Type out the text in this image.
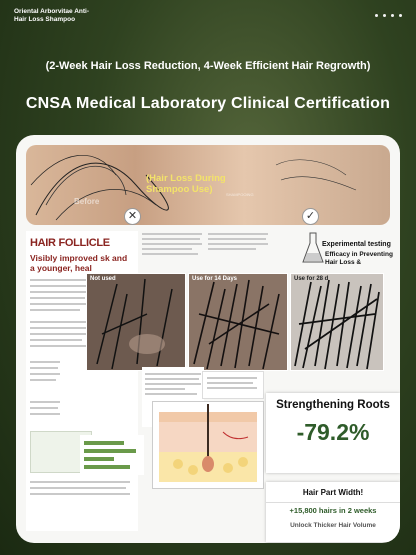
Oriental Arborvitae Anti-
Hair Loss Shampoo
(2-Week Hair Loss Reduction, 4-Week Efficient Hair Regrowth)
CNSA Medical Laboratory Clinical Certification
(Hair Loss During Shampoo Use)
Before
SHAMPOOING
✕	✓
HAIR FOLLICLE
Visibly improved sk and a younger, heal
Experimental testing
Efficacy in Preventing Hair Loss &
Not used	Use for 14 Days	Use for 28 d
Strengthening Roots
-79.2%
Hair Part Width!
+15,800 hairs in 2 weeks
Unlock Thicker Hair Volume
